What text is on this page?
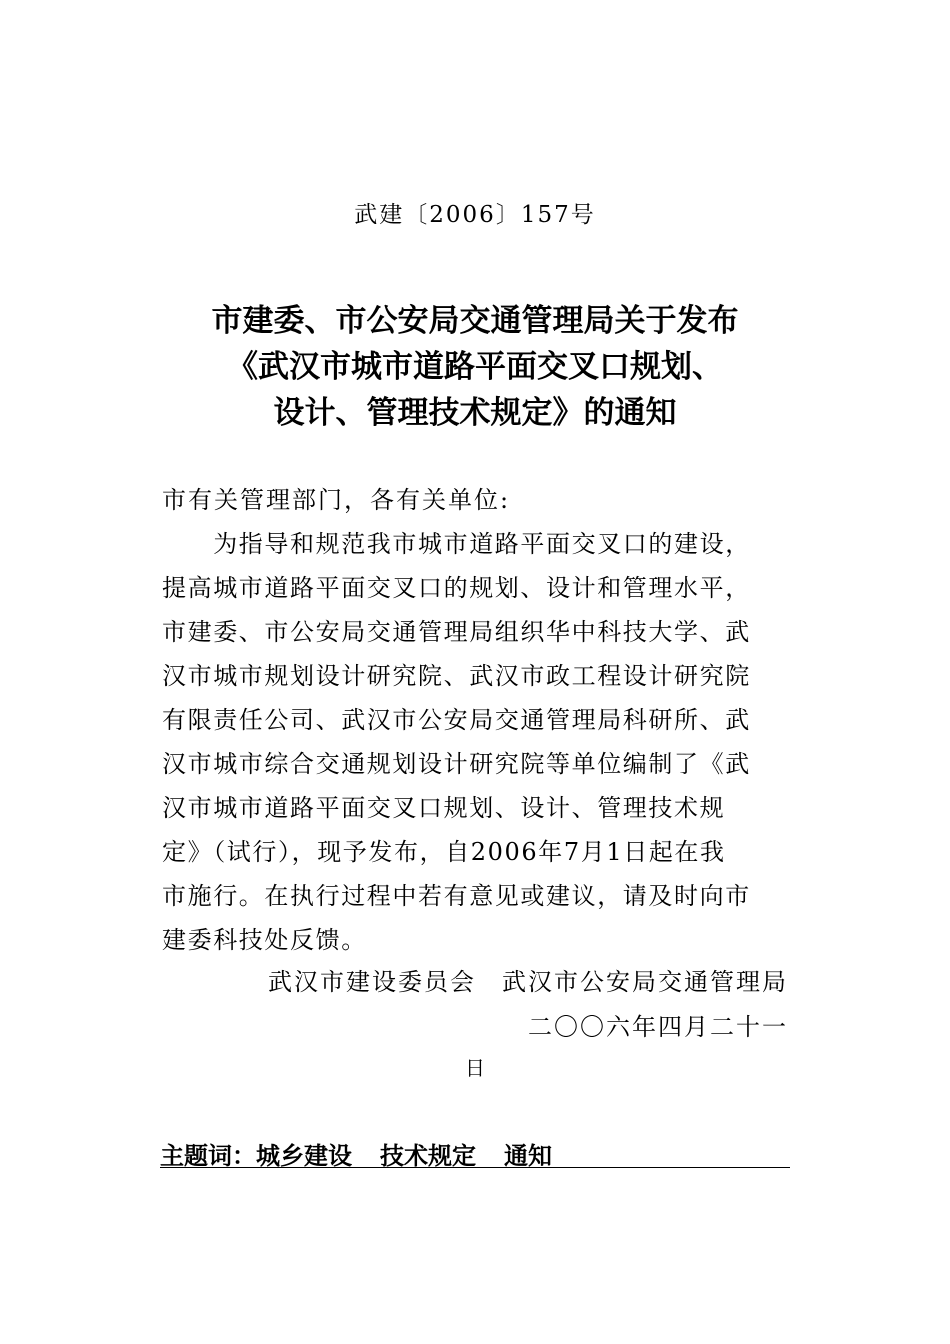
武建〔2006〕157号
市建委、市公安局交通管理局关于发布
《武汉市城市道路平面交叉口规划、
设计、管理技术规定》的通知
市有关管理部门，各有关单位:
　　为指导和规范我市城市道路平面交叉口的建设，
提高城市道路平面交叉口的规划、设计和管理水平，
市建委、市公安局交通管理局组织华中科技大学、武
汉市城市规划设计研究院、武汉市政工程设计研究院
有限责任公司、武汉市公安局交通管理局科研所、武
汉市城市综合交通规划设计研究院等单位编制了《武
汉市城市道路平面交叉口规划、设计、管理技术规
定》（试行），现予发布，自2006年7月1日起在我
市施行。在执行过程中若有意见或建议，请及时向市
建委科技处反馈。
武汉市建设委员会　武汉市公安局交通管理局
二〇〇六年四月二十一
日
主题词：城乡建设 技术规定 通知
